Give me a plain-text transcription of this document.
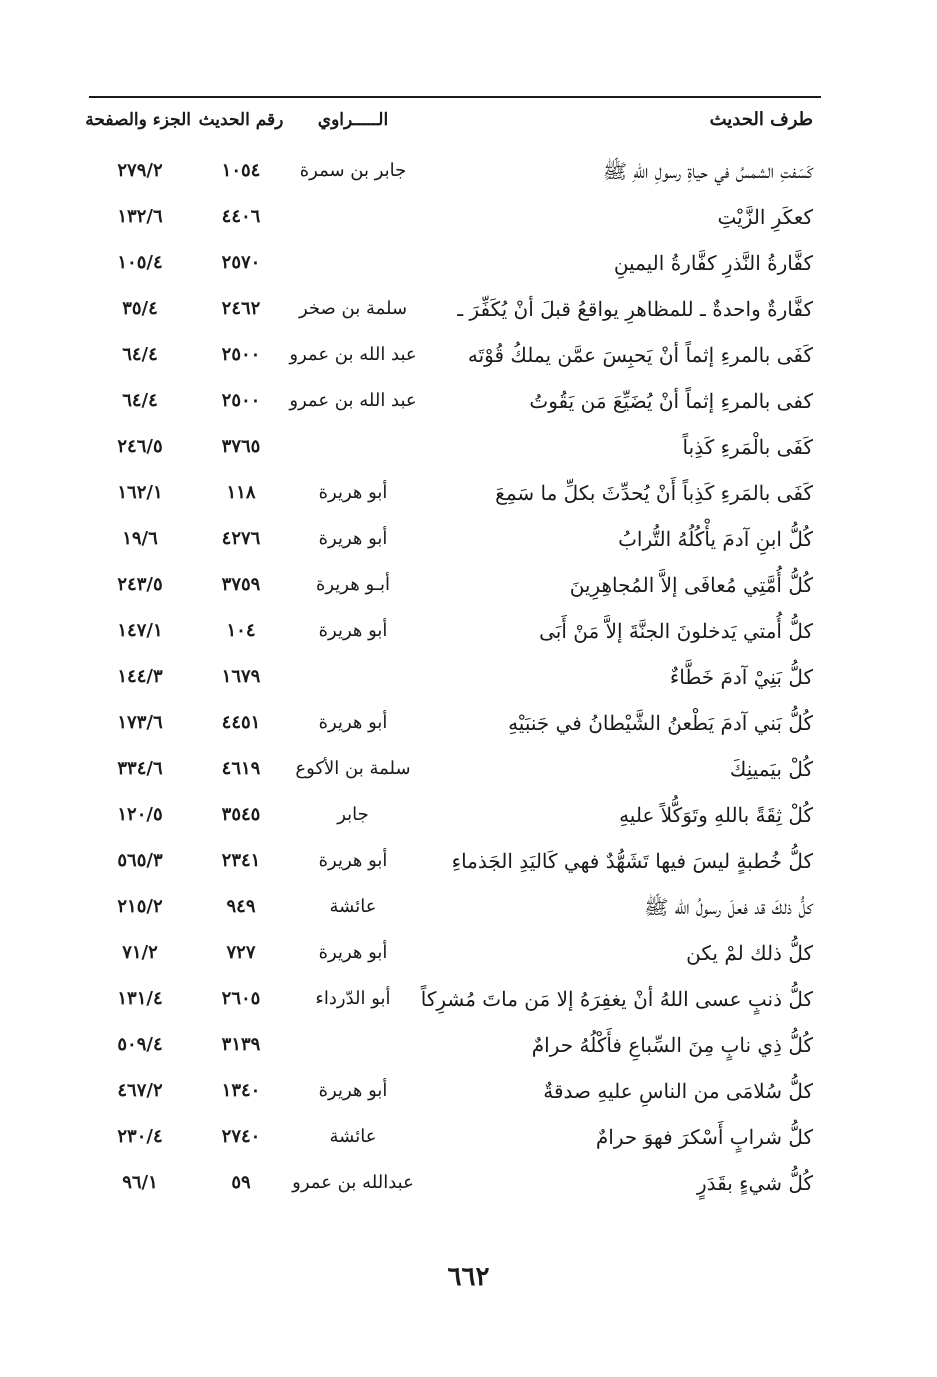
طرف الحديث
الـــــراوي
رقم الحديث
الجزء والصفحة
كَسَفتِ الشمسُ في حياةِ رسولِ اللهِ ﷺ
جابر بن سمرة
١٠٥٤
٢٧٩/٢
كعكَرِ الزَّيْتِ
٤٤٠٦
١٣٢/٦
كفَّارةُ النَّذرِ كفَّارةُ اليمينِ
٢٥٧٠
١٠٥/٤
كفَّارةٌ واحدةٌ ـ للمظاهرِ يواقعُ قبلَ أنْ يُكَفِّرَ ـ
سلمة بن صخر
٢٤٦٢
٣٥/٤
كَفَى بالمرءِ إثماً أنْ يَحبِسَ عمَّن يملكُ قُوْتَه
عبد الله بن عمرو
٢٥٠٠
٦٤/٤
كفى بالمرءِ إثماً أنْ يُضَيِّعَ مَن يَقُوتُ
عبد الله بن عمرو
٢٥٠٠
٦٤/٤
كَفَى بالْمَرءِ كَذِباً
٣٧٦٥
٢٤٦/٥
كَفَى بالمَرءِ كَذِباً أَنْ يُحدِّثَ بكلِّ ما سَمِعَ
أبو هريرة
١١٨
١٦٢/١
كُلُّ ابنِ آدمَ يأْكُلُهُ التُّرابُ
أبو هريرة
٤٢٧٦
١٩/٦
كُلُّ أُمَّتِي مُعافَى إلاَّ المُجاهِرِينَ
أبـو هريرة
٣٧٥٩
٢٤٣/٥
كلُّ أُمتي يَدخلونَ الجنَّةَ إلاَّ مَنْ أَبَى
أبو هريرة
١٠٤
١٤٧/١
كلُّ بَنِيْ آدمَ خَطَّاءٌ
١٦٧٩
١٤٤/٣
كُلُّ بَني آدمَ يَطْعنُ الشَّيْطانُ في جَنبَيْهِ
أبو هريرة
٤٤٥١
١٧٣/٦
كُلْ بيَمينِكَ
سلمة بن الأكوع
٤٦١٩
٣٣٤/٦
كُلْ ثِقَةً باللهِ وتَوَكُّلاً عليهِ
جابر
٣٥٤٥
١٢٠/٥
كلُّ خُطبةٍ ليسَ فيها تَشَهُّدٌ فهي كَاليَدِ الجَذماءِ
أبو هريرة
٢٣٤١
٥٦٥/٣
كلُّ ذلكَ قد فعلَ رسولُ الله ﷺ
عائشة
٩٤٩
٢١٥/٢
كلُّ ذلك لمْ يكن
أبو هريرة
٧٢٧
٧١/٢
كلُّ ذنبٍ عسى اللهُ أنْ يغفِرَهُ إلا مَن ماتَ مُشرِكاً
أبو الدّرداء
٢٦٠٥
١٣١/٤
كُلُّ ذِي نابٍ مِنَ السِّباعِ فأَكْلُهُ حرامٌ
٣١٣٩
٥٠٩/٤
كلُّ سُلامَى من الناسِ عليهِ صدقةٌ
أبو هريرة
١٣٤٠
٤٦٧/٢
كلُّ شرابٍ أَسْكرَ فهوَ حرامٌ
عائشة
٢٧٤٠
٢٣٠/٤
كُلُّ شيءٍ بقَدَرٍ
عبدالله بن عمرو
٥٩
٩٦/١
٦٦٢
